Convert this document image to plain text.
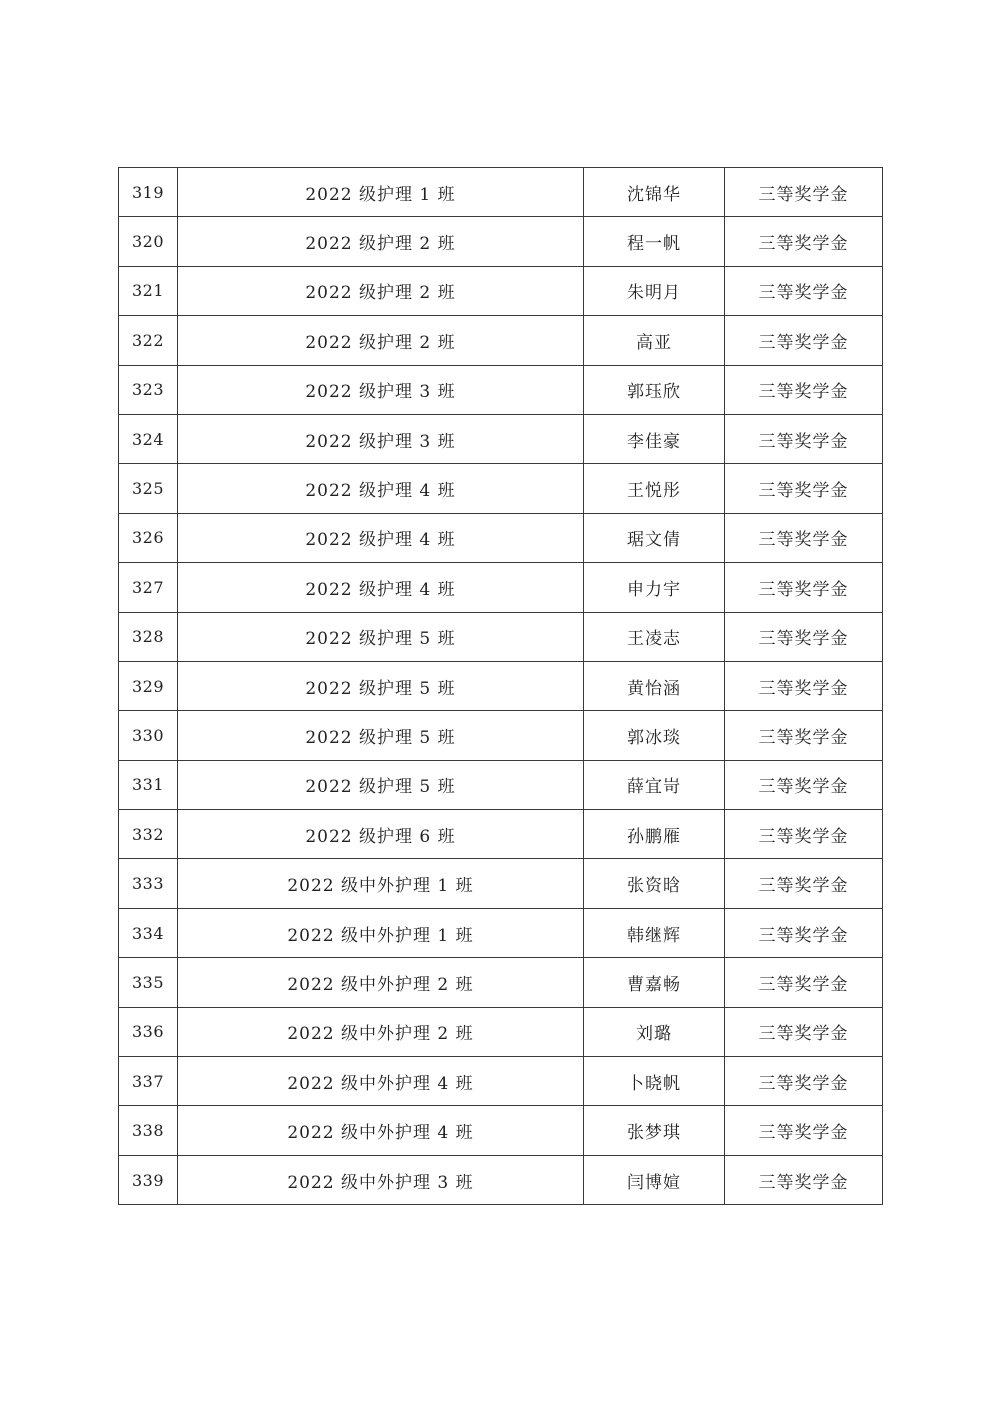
319	2022 级护理 1 班	沈锦华	三等奖学金
320	2022 级护理 2 班	程一帆	三等奖学金
321	2022 级护理 2 班	朱明月	三等奖学金
322	2022 级护理 2 班	高亚	三等奖学金
323	2022 级护理 3 班	郭珏欣	三等奖学金
324	2022 级护理 3 班	李佳豪	三等奖学金
325	2022 级护理 4 班	王悦彤	三等奖学金
326	2022 级护理 4 班	琚文倩	三等奖学金
327	2022 级护理 4 班	申力宇	三等奖学金
328	2022 级护理 5 班	王凌志	三等奖学金
329	2022 级护理 5 班	黄怡涵	三等奖学金
330	2022 级护理 5 班	郭冰琰	三等奖学金
331	2022 级护理 5 班	薛宜岢	三等奖学金
332	2022 级护理 6 班	孙鹏雁	三等奖学金
333	2022 级中外护理 1 班	张资晗	三等奖学金
334	2022 级中外护理 1 班	韩继辉	三等奖学金
335	2022 级中外护理 2 班	曹嘉畅	三等奖学金
336	2022 级中外护理 2 班	刘璐	三等奖学金
337	2022 级中外护理 4 班	卜晓帆	三等奖学金
338	2022 级中外护理 4 班	张梦琪	三等奖学金
339	2022 级中外护理 3 班	闫博媗	三等奖学金
